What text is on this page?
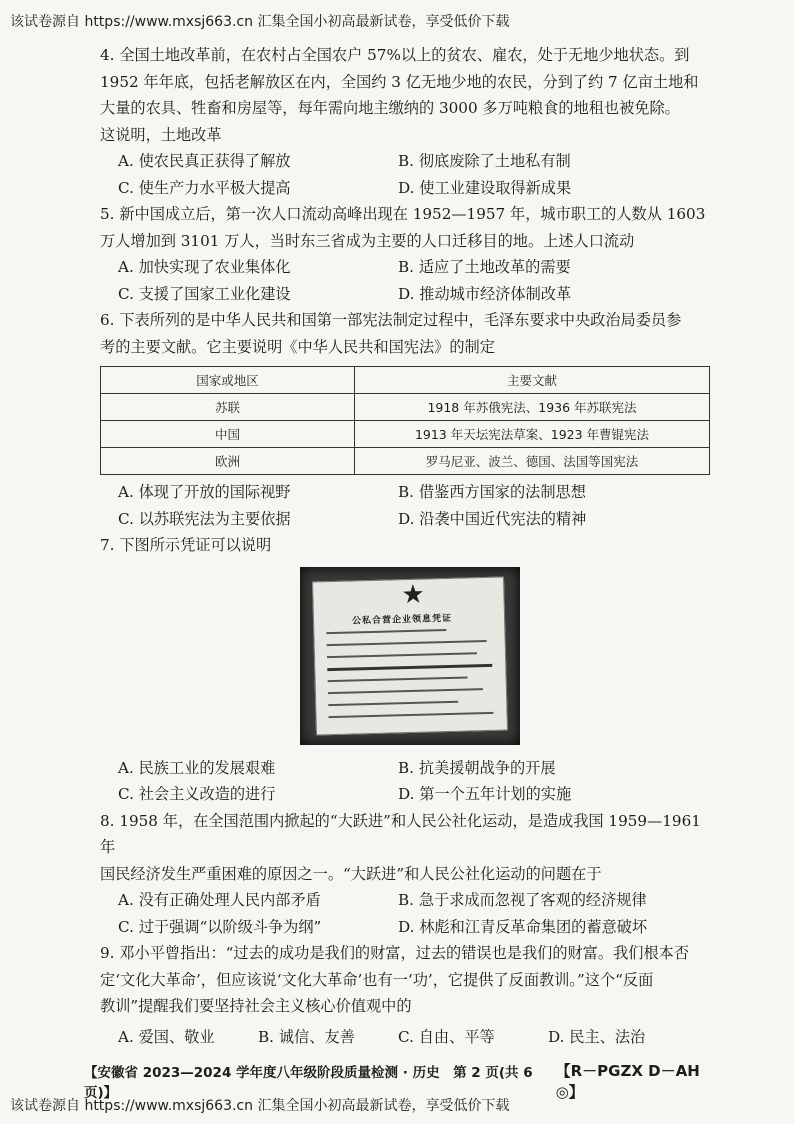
该试卷源自 https://www.mxsj663.cn 汇集全国小初高最新试卷，享受低价下载
4. 全国土地改革前，在农村占全国农户 57%以上的贫农、雇农，处于无地少地状态。到
1952 年年底，包括老解放区在内，全国约 3 亿无地少地的农民，分到了约 7 亿亩土地和
大量的农具、牲畜和房屋等，每年需向地主缴纳的 3000 多万吨粮食的地租也被免除。
这说明，土地改革
A. 使农民真正获得了解放	B. 彻底废除了土地私有制
C. 使生产力水平极大提高	D. 使工业建设取得新成果
5. 新中国成立后，第一次人口流动高峰出现在 1952—1957 年，城市职工的人数从 1603
万人增加到 3101 万人，当时东三省成为主要的人口迁移目的地。上述人口流动
A. 加快实现了农业集体化	B. 适应了土地改革的需要
C. 支援了国家工业化建设	D. 推动城市经济体制改革
6. 下表所列的是中华人民共和国第一部宪法制定过程中，毛泽东要求中央政治局委员参
考的主要文献。它主要说明《中华人民共和国宪法》的制定
国家或地区	主要文献
苏联	1918 年苏俄宪法、1936 年苏联宪法
中国	1913 年天坛宪法草案、1923 年曹锟宪法
欧洲	罗马尼亚、波兰、德国、法国等国宪法
A. 体现了开放的国际视野	B. 借鉴西方国家的法制思想
C. 以苏联宪法为主要依据	D. 沿袭中国近代宪法的精神
7. 下图所示凭证可以说明
★
公私合营企业领息凭证
A. 民族工业的发展艰难	B. 抗美援朝战争的开展
C. 社会主义改造的进行	D. 第一个五年计划的实施
8. 1958 年，在全国范围内掀起的“大跃进”和人民公社化运动，是造成我国 1959—1961 年
国民经济发生严重困难的原因之一。“大跃进”和人民公社化运动的问题在于
A. 没有正确处理人民内部矛盾	B. 急于求成而忽视了客观的经济规律
C. 过于强调“以阶级斗争为纲”	D. 林彪和江青反革命集团的蓄意破坏
9. 邓小平曾指出：“过去的成功是我们的财富，过去的错误也是我们的财富。我们根本否
定‘文化大革命’，但应该说‘文化大革命’也有一‘功’，它提供了反面教训。”这个“反面
教训”提醒我们要坚持社会主义核心价值观中的
A. 爱国、敬业	B. 诚信、友善	C. 自由、平等	D. 民主、法治
【安徽省 2023—2024 学年度八年级阶段质量检测 · 历史　第 2 页(共 6 页)】
【R－PGZX D－AH ◎】
该试卷源自 https://www.mxsj663.cn 汇集全国小初高最新试卷，享受低价下载
